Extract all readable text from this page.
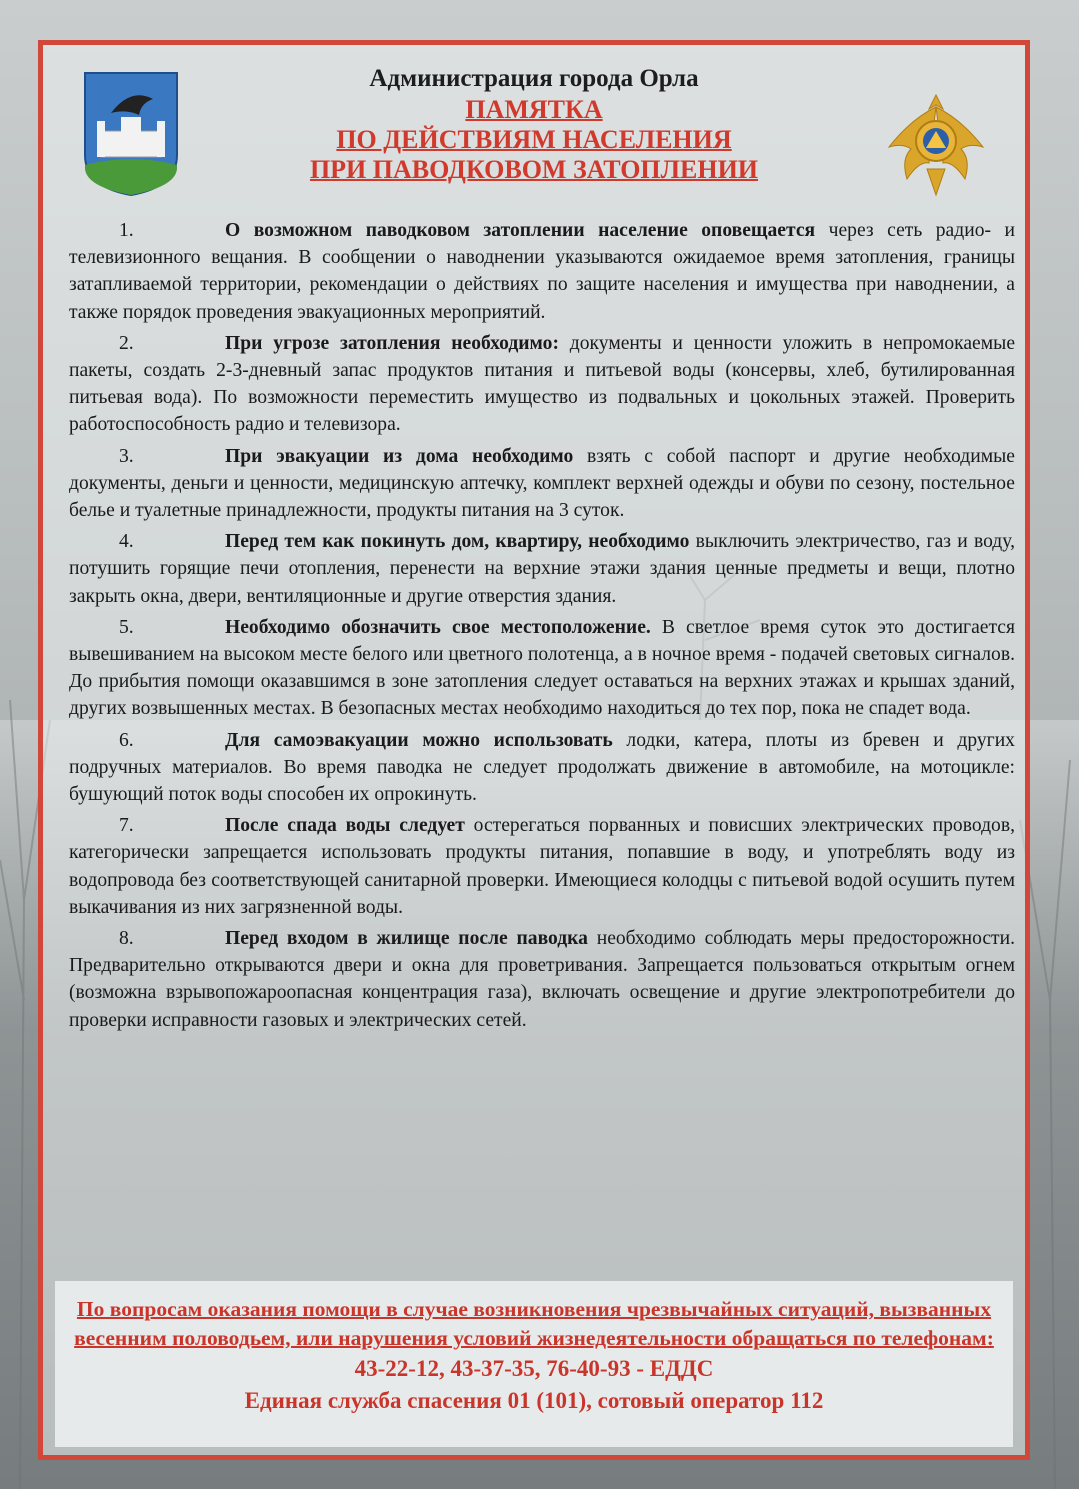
Администрация города Орла

ПАМЯТКА

ПО ДЕЙСТВИЯМ НАСЕЛЕНИЯ

ПРИ ПАВОДКОВОМ ЗАТОПЛЕНИИ

1.	О возможном паводковом затоплении население оповещается через сеть радио- и телевизионного вещания. В сообщении о наводнении указываются ожидаемое время затопления, границы затапливаемой территории, рекомендации о действиях по защите населения и имущества при наводнении, а также порядок проведения эвакуационных мероприятий.

2.	При угрозе затопления необходимо: документы и ценности уложить в непромокаемые пакеты, создать 2-3-дневный запас продуктов питания и питьевой воды (консервы, хлеб, бутилированная питьевая вода). По возможности переместить имущество из подвальных и цокольных этажей. Проверить работоспособность радио и телевизора.

3.	При эвакуации из дома необходимо взять с собой паспорт и другие необходимые документы, деньги и ценности, медицинскую аптечку, комплект верхней одежды и обуви по сезону, постельное белье и туалетные принадлежности, продукты питания на 3 суток.

4.	Перед тем как покинуть дом, квартиру, необходимо выключить электричество, газ и воду, потушить горящие печи отопления, перенести на верхние этажи здания ценные предметы и вещи, плотно закрыть окна, двери, вентиляционные и другие отверстия здания.

5.	Необходимо обозначить свое местоположение. В светлое время суток это достигается вывешиванием на высоком месте белого или цветного полотенца, а в ночное время - подачей световых сигналов. До прибытия помощи оказавшимся в зоне затопления следует оставаться на верхних этажах и крышах зданий, других возвышенных местах. В безопасных местах необходимо находиться до тех пор, пока не спадет вода.

6.	Для самоэвакуации можно использовать лодки, катера, плоты из бревен и других подручных материалов. Во время паводка не следует продолжать движение в автомобиле, на мотоцикле: бушующий поток воды способен их опрокинуть.

7.	После спада воды следует остерегаться порванных и повисших электрических проводов, категорически запрещается использовать продукты питания, попавшие в воду, и употреблять воду из водопровода без соответствующей санитарной проверки. Имеющиеся колодцы с питьевой водой осушить путем выкачивания из них загрязненной воды.

8.	Перед входом в жилище после паводка необходимо соблюдать меры предосторожности. Предварительно открываются двери и окна для проветривания. Запрещается пользоваться открытым огнем (возможна взрывопожароопасная концентрация газа), включать освещение и другие электропотребители до проверки исправности газовых и электрических сетей.

По вопросам оказания помощи в случае возникновения чрезвычайных ситуаций, вызванных весенним половодьем, или нарушения условий жизнедеятельности обращаться по телефонам:

43-22-12, 43-37-35, 76-40-93 - ЕДДС

Единая служба спасения 01 (101), сотовый оператор 112
